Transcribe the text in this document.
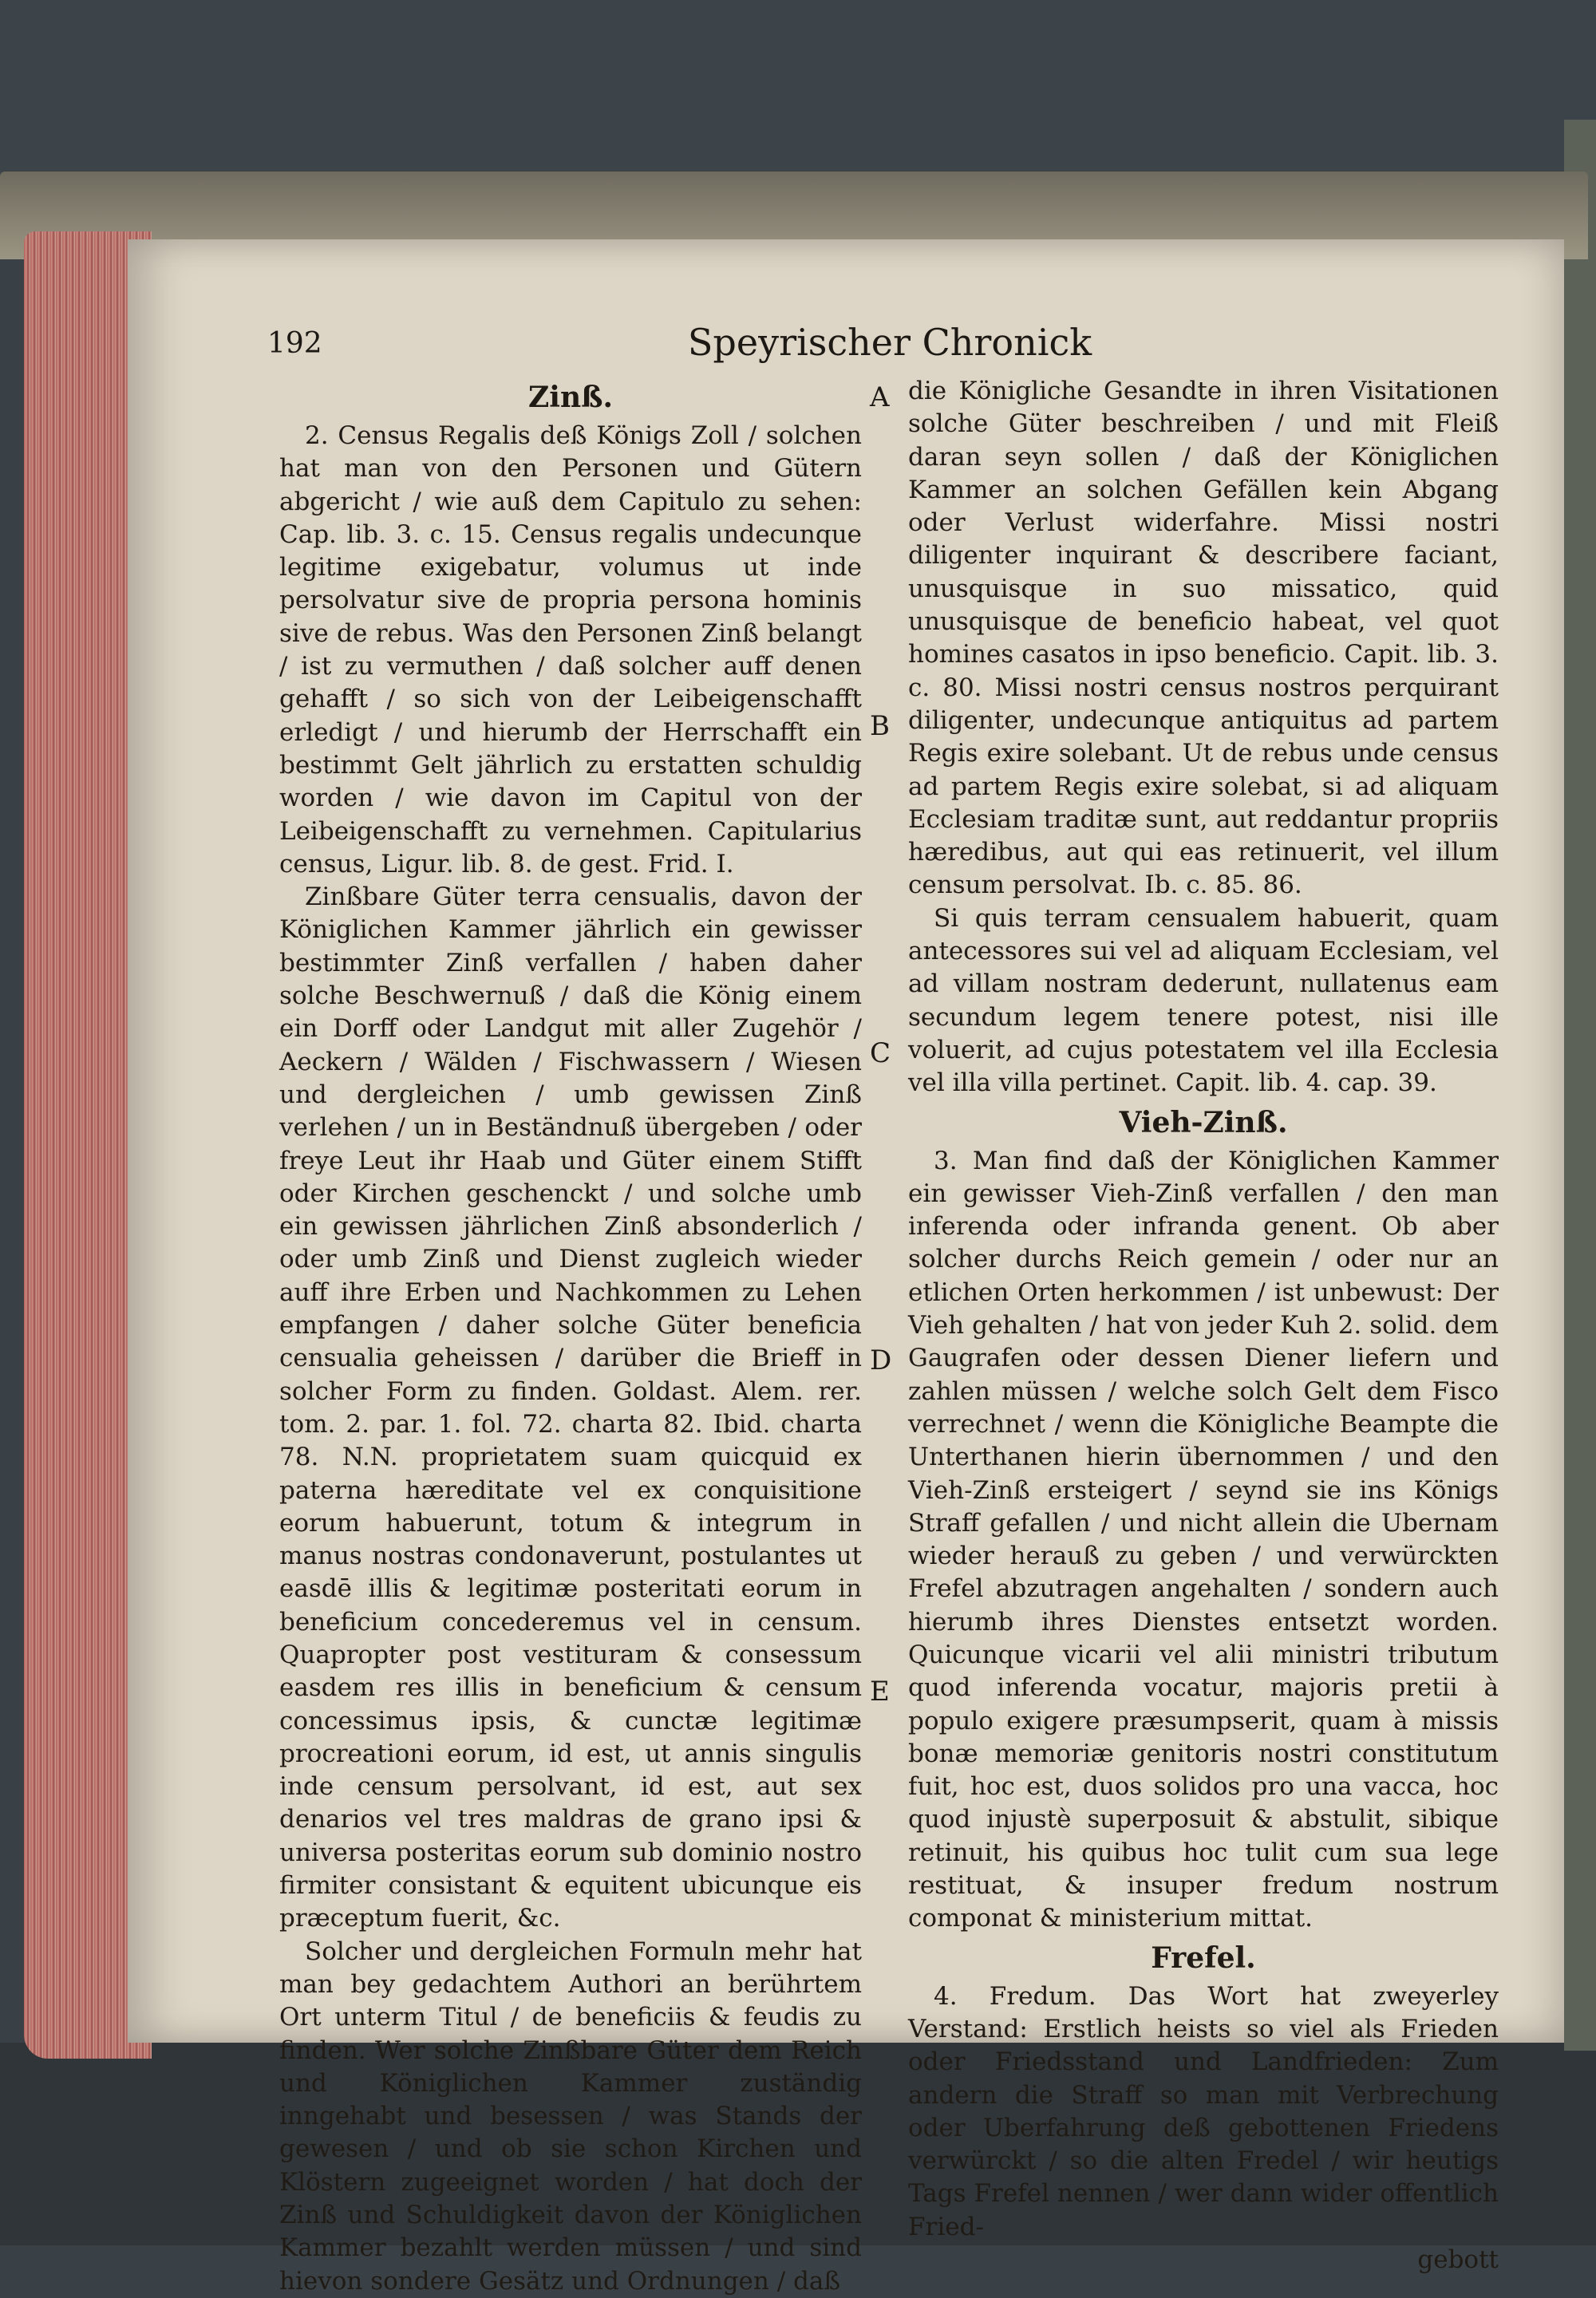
192	Speyrischer Chronick
Zinß.

2. Census Regalis deß Königs Zoll / solchen hat man von den Personen und Gütern abgericht / wie auß dem Capitulo zu sehen: Cap. lib. 3. c. 15. Census regalis undecunque legitime exigebatur, volumus ut inde persolvatur sive de propria persona hominis sive de rebus. Was den Personen Zinß belangt / ist zu vermuthen / daß solcher auff denen gehafft / so sich von der Leibeigenschafft erledigt / und hierumb der Herrschafft ein bestimmt Gelt jährlich zu erstatten schuldig worden / wie davon im Capitul von der Leibeigenschafft zu vernehmen. Capitularius census, Ligur. lib. 8. de gest. Frid. I.

Zinßbare Güter terra censualis, davon der Königlichen Kammer jährlich ein gewisser bestimmter Zinß verfallen / haben daher solche Beschwernuß / daß die König einem ein Dorff oder Landgut mit aller Zugehör / Aeckern / Wälden / Fischwassern / Wiesen und dergleichen / umb gewissen Zinß verlehen / un in Beständnuß übergeben / oder freye Leut ihr Haab und Güter einem Stifft oder Kirchen geschenckt / und solche umb ein gewissen jährlichen Zinß absonderlich / oder umb Zinß und Dienst zugleich wieder auff ihre Erben und Nachkommen zu Lehen empfangen / daher solche Güter beneficia censualia geheissen / darüber die Brieff in solcher Form zu finden. Goldast. Alem. rer. tom. 2. par. 1. fol. 72. charta 82. Ibid. charta 78. N.N. proprietatem suam quicquid ex paterna hæreditate vel ex conquisitione eorum habuerunt, totum & integrum in manus nostras condonaverunt, postulantes ut easdē illis & legitimæ posteritati eorum in beneficium concederemus vel in censum. Quapropter post vestituram & consessum easdem res illis in beneficium & censum concessimus ipsis, & cunctæ legitimæ procreationi eorum, id est, ut annis singulis inde censum persolvant, id est, aut sex denarios vel tres maldras de grano ipsi & universa posteritas eorum sub dominio nostro firmiter consistant & equitent ubicunque eis præceptum fuerit, &c.

Solcher und dergleichen Formuln mehr hat man bey gedachtem Authori an berührtem Ort unterm Titul / de beneficiis & feudis zu finden. Wer solche Zinßbare Güter dem Reich und Königlichen Kammer zuständig inngehabt und besessen / was Stands der gewesen / und ob sie schon Kirchen und Klöstern zugeeignet worden / hat doch der Zinß und Schuldigkeit davon der Königlichen Kammer bezahlt werden müssen / und sind hievon sondere Gesätz und Ordnungen / daß

A
B
C
D
E

die Königliche Gesandte in ihren Visitationen solche Güter beschreiben / und mit Fleiß daran seyn sollen / daß der Königlichen Kammer an solchen Gefällen kein Abgang oder Verlust widerfahre. Missi nostri diligenter inquirant & describere faciant, unusquisque in suo missatico, quid unusquisque de beneficio habeat, vel quot homines casatos in ipso beneficio. Capit. lib. 3. c. 80. Missi nostri census nostros perquirant diligenter, undecunque antiquitus ad partem Regis exire solebant. Ut de rebus unde census ad partem Regis exire solebat, si ad aliquam Ecclesiam traditæ sunt, aut reddantur propriis hæredibus, aut qui eas retinuerit, vel illum censum persolvat. Ib. c. 85. 86.

Si quis terram censualem habuerit, quam antecessores sui vel ad aliquam Ecclesiam, vel ad villam nostram dederunt, nullatenus eam secundum legem tenere potest, nisi ille voluerit, ad cujus potestatem vel illa Ecclesia vel illa villa pertinet. Capit. lib. 4. cap. 39.

Vieh-Zinß.

3. Man find daß der Königlichen Kammer ein gewisser Vieh-Zinß verfallen / den man inferenda oder infranda genent. Ob aber solcher durchs Reich gemein / oder nur an etlichen Orten herkommen / ist unbewust: Der Vieh gehalten / hat von jeder Kuh 2. solid. dem Gaugrafen oder dessen Diener liefern und zahlen müssen / welche solch Gelt dem Fisco verrechnet / wenn die Königliche Beampte die Unterthanen hierin übernommen / und den Vieh-Zinß ersteigert / seynd sie ins Königs Straff gefallen / und nicht allein die Ubernam wieder herauß zu geben / und verwürckten Frefel abzutragen angehalten / sondern auch hierumb ihres Dienstes entsetzt worden. Quicunque vicarii vel alii ministri tributum quod inferenda vocatur, majoris pretii à populo exigere præsumpserit, quam à missis bonæ memoriæ genitoris nostri constitutum fuit, hoc est, duos solidos pro una vacca, hoc quod injustè superposuit & abstulit, sibique retinuit, his quibus hoc tulit cum sua lege restituat, & insuper fredum nostrum componat & ministerium mittat.

Frefel.

4. Fredum. Das Wort hat zweyerley Verstand: Erstlich heists so viel als Frieden oder Friedsstand und Landfrieden: Zum andern die Straff so man mit Verbrechung oder Uberfahrung deß gebottenen Friedens verwürckt / so die alten Fredel / wir heutigs Tags Frefel nennen / wer dann wider offentlich Fried-

gebott
